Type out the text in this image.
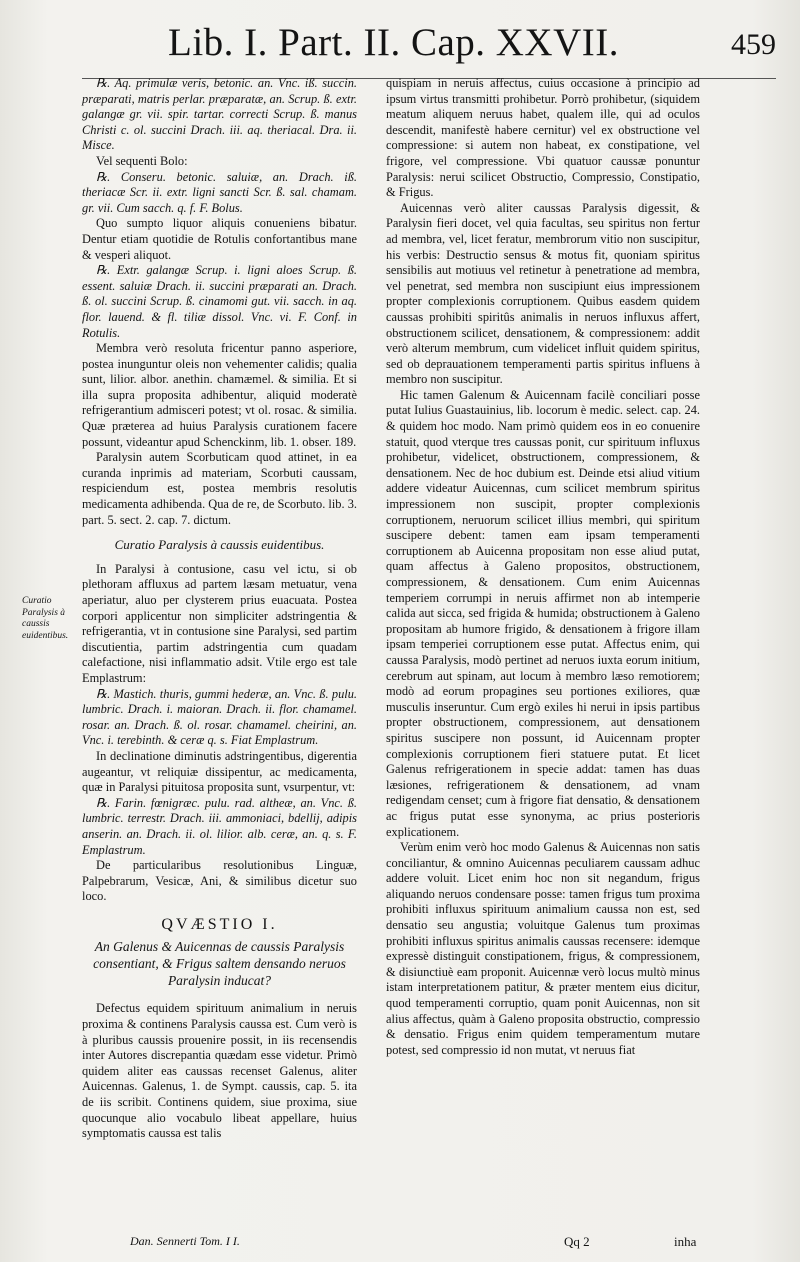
Lib. I. Part. II. Cap. XXVII.	459
Curatio Paralysis à caussis euidentibus.

℞. Aq. primulæ veris, betonic. an. Vnc. iß. succin. præparati, matris perlar. præparatæ, an. Scrup. ß. extr. galangæ gr. vii. spir. tartar. correcti Scrup. ß. manus Christi c. ol. succini Drach. iii. aq. theriacal. Dra. ii. Misce.

Vel sequenti Bolo:

℞. Conseru. betonic. saluiæ, an. Drach. iß. theriacæ Scr. ii. extr. ligni sancti Scr. ß. sal. chamam. gr. vii. Cum sacch. q. f. F. Bolus.

Quo sumpto liquor aliquis conueniens bibatur. Dentur etiam quotidie de Rotulis confortantibus mane & vesperi aliquot.

℞. Extr. galangæ Scrup. i. ligni aloes Scrup. ß. essent. saluiæ Drach. ii. succini præparati an. Drach. ß. ol. succini Scrup. ß. cinamomi gut. vii. sacch. in aq. flor. lauend. & fl. tiliæ dissol. Vnc. vi. F. Conf. in Rotulis.

Membra verò resoluta fricentur panno asperiore, postea inunguntur oleis non vehementer calidis; qualia sunt, lilior. albor. anethin. chamæmel. & similia. Et si illa supra proposita adhibentur, aliquid moderatè refrigerantium admisceri potest; vt ol. rosac. & similia. Quæ præterea ad huius Paralysis curationem facere possunt, videantur apud Schenckinm, lib. 1. obser. 189.

Paralysin autem Scorbuticam quod attinet, in ea curanda inprimis ad materiam, Scorbuti caussam, respiciendum est, postea membris resolutis medicamenta adhibenda. Qua de re, de Scorbuto. lib. 3. part. 5. sect. 2. cap. 7. dictum.

Curatio Paralysis à caussis euidentibus.

In Paralysi à contusione, casu vel ictu, si ob plethoram affluxus ad partem læsam metuatur, vena aperiatur, aluo per clysterem prius euacuata. Postea corpori applicentur non simpliciter adstringentia & refrigerantia, vt in contusione sine Paralysi, sed partim discutientia, partim adstringentia cum quadam calefactione, nisi inflammatio adsit. Vtile ergo est tale Emplastrum:

℞. Mastich. thuris, gummi hederæ, an. Vnc. ß. pulu. lumbric. Drach. i. maioran. Drach. ii. flor. chamamel. rosar. an. Drach. ß. ol. rosar. chamamel. cheirini, an. Vnc. i. terebinth. & ceræ q. s. Fiat Emplastrum.

In declinatione diminutis adstringentibus, digerentia augeantur, vt reliquiæ dissipentur, ac medicamenta, quæ in Paralysi pituitosa proposita sunt, vsurpentur, vt:

℞. Farin. fœnigræc. pulu. rad. altheæ, an. Vnc. ß. lumbric. terrestr. Drach. iii. ammoniaci, bdellij, adipis anserin. an. Drach. ii. ol. lilior. alb. ceræ, an. q. s. F. Emplastrum.

De particularibus resolutionibus Linguæ, Palpebrarum, Vesicæ, Ani, & similibus dicetur suo loco.

QVÆSTIO I.

An Galenus & Auicennas de caussis Paralysis consentiant, & Frigus saltem densando neruos Paralysin inducat?

Defectus equidem spirituum animalium in neruis proxima & continens Paralysis caussa est. Cum verò is à pluribus caussis prouenire possit, in iis recensendis inter Autores discrepantia quædam esse videtur. Primò quidem aliter eas caussas recenset Galenus, aliter Auicennas. Galenus, 1. de Sympt. caussis, cap. 5. ita de iis scribit. Continens quidem, siue proxima, siue quocunque alio vocabulo libeat appellare, huius symptomatis caussa est talis

quispiam in neruis affectus, cuius occasione à principio ad ipsum virtus transmitti prohibetur. Porrò prohibetur, (siquidem meatum aliquem neruus habet, qualem ille, qui ad oculos descendit, manifestè habere cernitur) vel ex obstructione vel compressione: si autem non habeat, ex constipatione, vel frigore, vel compressione. Vbi quatuor caussæ ponuntur Paralysis: nerui scilicet Obstructio, Compressio, Constipatio, & Frigus.

Auicennas verò aliter caussas Paralysis digessit, & Paralysin fieri docet, vel quia facultas, seu spiritus non fertur ad membra, vel, licet feratur, membrorum vitio non suscipitur, his verbis: Destructio sensus & motus fit, quoniam spiritus sensibilis aut motiuus vel retinetur à penetratione ad membra, vel penetrat, sed membra non suscipiunt eius impressionem propter complexionis corruptionem. Quibus easdem quidem caussas prohibiti spiritûs animalis in neruos influxus affert, obstructionem scilicet, densationem, & compressionem: addit verò alterum membrum, cum videlicet influit quidem spiritus, sed ob deprauationem temperamenti partis spiritus influens à membro non suscipitur.

Hic tamen Galenum & Auicennam facilè conciliari posse putat Iulius Guastauinius, lib. locorum è medic. select. cap. 24. & quidem hoc modo. Nam primò quidem eos in eo conuenire statuit, quod vterque tres caussas ponit, cur spirituum influxus prohibetur, videlicet, obstructionem, compressionem, & densationem. Nec de hoc dubium est. Deinde etsi aliud vitium addere videatur Auicennas, cum scilicet membrum spiritus impressionem non suscipit, propter complexionis corruptionem, neruorum scilicet illius membri, qui spiritum suscipere debent: tamen eam ipsam temperamenti corruptionem ab Auicenna propositam non esse aliud putat, quam affectus à Galeno propositos, obstructionem, compressionem, & densationem. Cum enim Auicennas temperiem corrumpi in neruis affirmet non ab intemperie calida aut sicca, sed frigida & humida; obstructionem à Galeno propositam ab humore frigido, & densationem à frigore illam ipsam temperiei corruptionem esse putat. Affectus enim, qui caussa Paralysis, modò pertinet ad neruos iuxta eorum initium, cerebrum aut spinam, aut locum à membro læso remotiorem; modò ad eorum propagines seu portiones exiliores, quæ musculis inseruntur. Cum ergò exiles hi nerui in ipsis partibus propter obstructionem, compressionem, aut densationem spiritus suscipere non possunt, id Auicennam propter complexionis corruptionem fieri statuere putat. Et licet Galenus refrigerationem in specie addat: tamen has duas læsiones, refrigerationem & densationem, ad vnam redigendam censet; cum à frigore fiat densatio, & densationem ac frigus putat esse synonyma, ac prius posterioris explicationem.

Verùm enim verò hoc modo Galenus & Auicennas non satis conciliantur, & omnino Auicennas peculiarem caussam adhuc addere voluit. Licet enim hoc non sit negandum, frigus aliquando neruos condensare posse: tamen frigus tum proxima prohibiti influxus spirituum animalium caussa non est, sed densatio seu angustia; voluitque Galenus tum proximas prohibiti influxus spiritus animalis caussas recensere: idemque expressè distinguit constipationem, frigus, & compressionem, & disiunctiuè eam proponit. Auicennæ verò locus multò minus istam interpretationem patitur, & præter mentem eius dicitur, quod temperamenti corruptio, quam ponit Auicennas, non sit alius affectus, quàm à Galeno proposita obstructio, compressio & densatio. Frigus enim quidem temperamentum mutare potest, sed compressio id non mutat, vt neruus fiat

Dan. Sennerti Tom. I I.	Qq 2	inha
